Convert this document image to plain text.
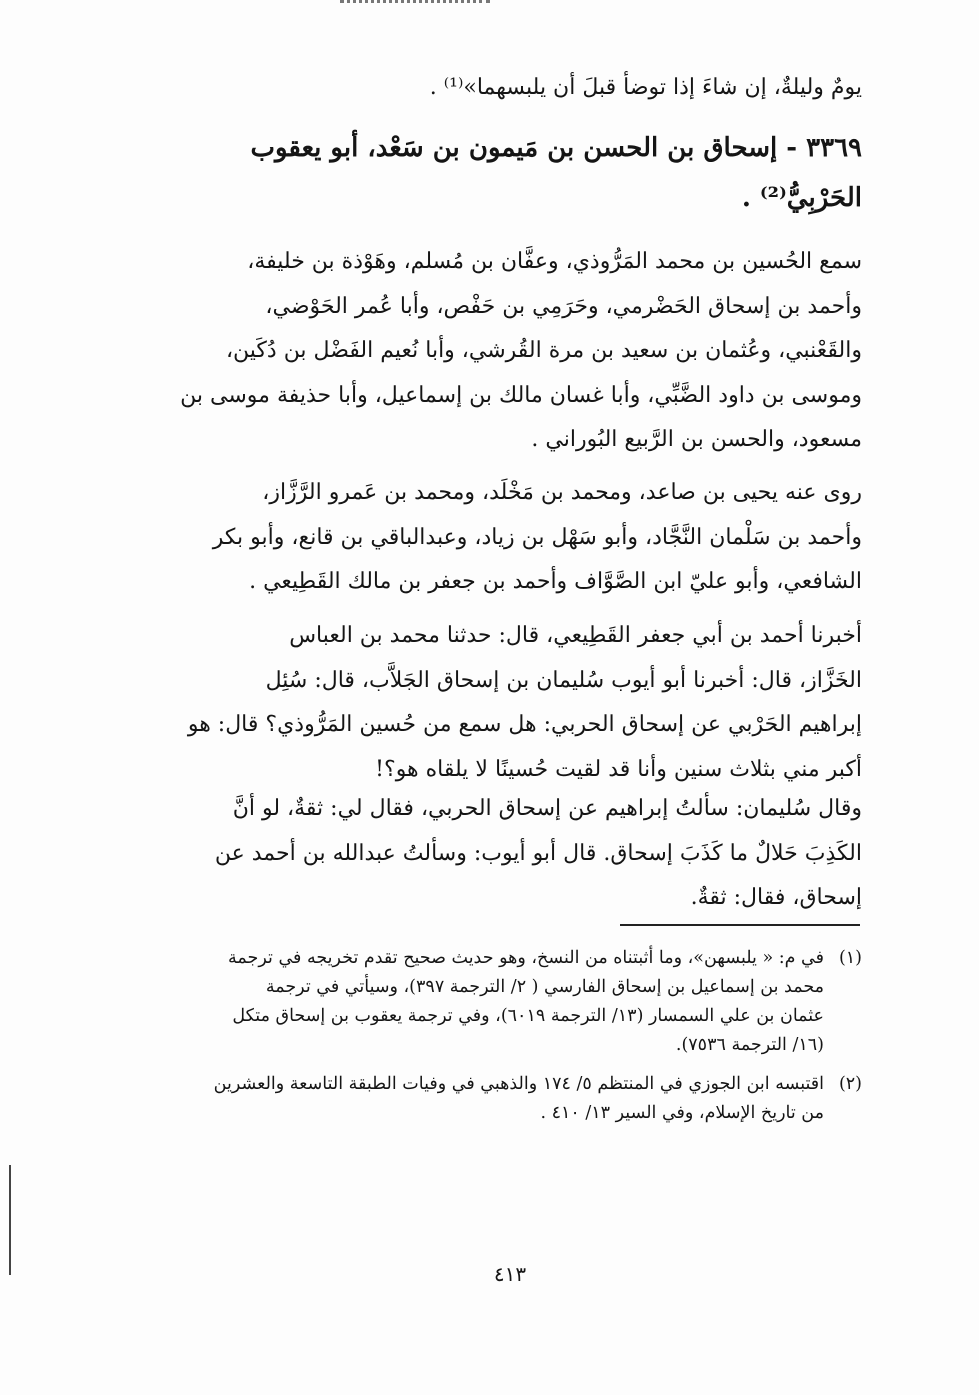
يومٌ وليلةٌ، إن شاءَ إذا توضأ قبلَ أن يلبسهما»⁽¹⁾ .
٣٣٦٩ - إسحاق بن الحسن بن مَيمون بن سَعْد، أبو يعقوب
الحَرْبِيُّ⁽²⁾ .
سمع الحُسين بن محمد المَرُّوذي، وعفَّان بن مُسلم، وهَوْذة بن خليفة،
وأحمد بن إسحاق الحَضْرمي، وحَرَمِي بن حَفْص، وأبا عُمر الحَوْضي،
والقَعْنبي، وعُثمان بن سعيد بن مرة القُرشي، وأبا نُعيم الفَضْل بن دُكَين،
وموسى بن داود الضَّبِّي، وأبا غسان مالك بن إسماعيل، وأبا حذيفة موسى بن
مسعود، والحسن بن الرَّبيع البُوراني .
روى عنه يحيى بن صاعد، ومحمد بن مَخْلَد، ومحمد بن عَمرو الرَّزَّاز،
وأحمد بن سَلْمان النَّجَّاد، وأبو سَهْل بن زياد، وعبدالباقي بن قانع، وأبو بكر
الشافعي، وأبو عليّ ابن الصَّوَّاف وأحمد بن جعفر بن مالك القَطِيعي .
أخبرنا أحمد بن أبي جعفر القَطِيعي، قال: حدثنا محمد بن العباس
الخَزَّاز، قال: أخبرنا أبو أيوب سُليمان بن إسحاق الجَلاَّب، قال: سُئِل
إبراهيم الحَرْبي عن إسحاق الحربي: هل سمع من حُسين المَرُّوذي؟ قال: هو
أكبر مني بثلاث سنين وأنا قد لقيت حُسينًا لا يلقاه هو؟!
وقال سُليمان: سألتُ إبراهيم عن إسحاق الحربي، فقال لي: ثقةٌ، لو أنَّ
الكَذِبَ حَلالٌ ما كَذَبَ إسحاق. قال أبو أيوب: وسألتُ عبدالله بن أحمد عن
إسحاق، فقال: ثقةٌ.
(١)في م: « يلبسهن»، وما أثبتناه من النسخ، وهو حديث صحيح تقدم تخريجه في ترجمة
محمد بن إسماعيل بن إسحاق الفارسي ( ٢/ الترجمة ٣٩٧)، وسيأتي في ترجمة
عثمان بن علي السمسار (١٣/ الترجمة ٦٠١٩)، وفي ترجمة يعقوب بن إسحاق متكل
(١٦/ الترجمة ٧٥٣٦).
(٢)اقتبسه ابن الجوزي في المنتظم ٥/ ١٧٤ والذهبي في وفيات الطبقة التاسعة والعشرين
من تاريخ الإسلام، وفي السير ١٣/ ٤١٠ .
٤١٣
